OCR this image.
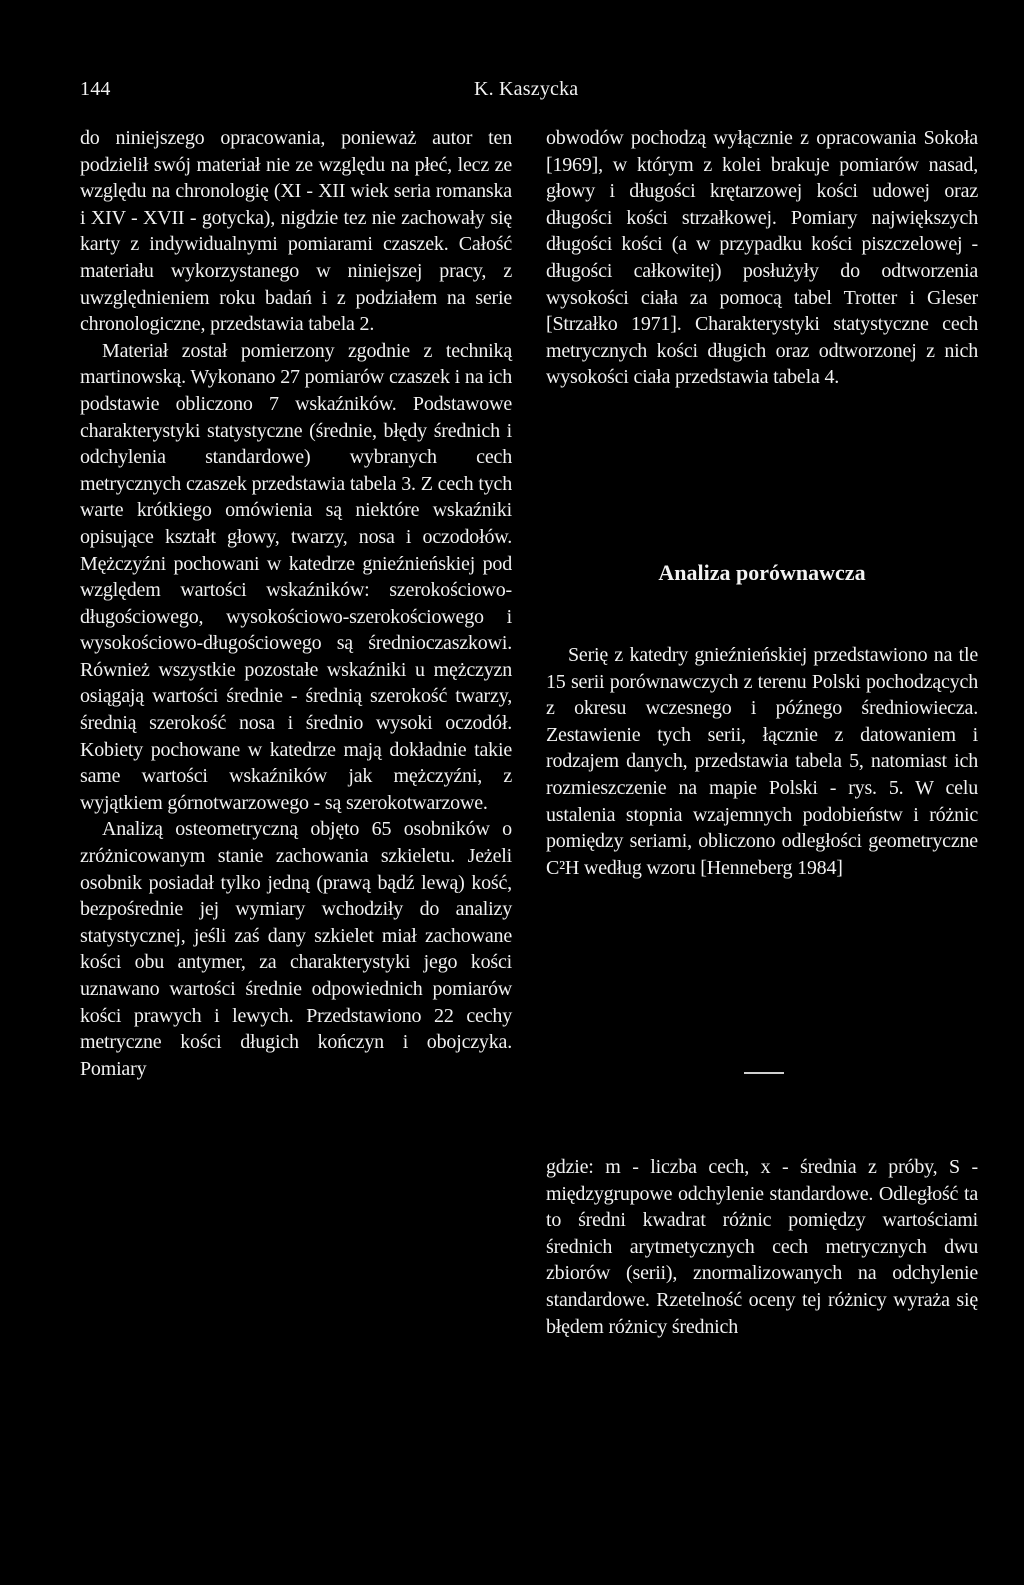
144	K. Kaszycka

do niniejszego opracowania, ponieważ autor ten podzielił swój materiał nie ze względu na płeć, lecz ze względu na chronologię (XI - XII wiek seria romanska i XIV - XVII - gotycka), nigdzie tez nie zachowały się karty z indywidualnymi pomiarami czaszek. Całość materiału wykorzystanego w niniejszej pracy, z uwzględnieniem roku badań i z podziałem na serie chronologiczne, przedstawia tabela 2.

Materiał został pomierzony zgodnie z techniką martinowską. Wykonano 27 pomiarów czaszek i na ich podstawie obliczono 7 wskaźników. Podstawowe charakterystyki statystyczne (średnie, błędy średnich i odchylenia standardowe) wybranych cech metrycznych czaszek przedstawia tabela 3. Z cech tych warte krótkiego omówienia są niektóre wskaźniki opisujące kształt głowy, twarzy, nosa i oczodołów. Mężczyźni pochowani w katedrze gnieźnieńskiej pod względem wartości wskaźników: szerokościowo-długościowego, wysokościowo-szerokościowego i wysokościowo-długościowego są średnioczaszkowi. Również wszystkie pozostałe wskaźniki u mężczyzn osiągają wartości średnie - średnią szerokość twarzy, średnią szerokość nosa i średnio wysoki oczodół. Kobiety pochowane w katedrze mają dokładnie takie same wartości wskaźników jak mężczyźni, z wyjątkiem górnotwarzowego - są szerokotwarzowe.

Analizą osteometryczną objęto 65 osobników o zróżnicowanym stanie zachowania szkieletu. Jeżeli osobnik posiadał tylko jedną (prawą bądź lewą) kość, bezpośrednie jej wymiary wchodziły do analizy statystycznej, jeśli zaś dany szkielet miał zachowane kości obu antymer, za charakterystyki jego kości uznawano wartości średnie odpowiednich pomiarów kości prawych i lewych. Przedstawiono 22 cechy metryczne kości długich kończyn i obojczyka. Pomiary

obwodów pochodzą wyłącznie z opracowania Sokoła [1969], w którym z kolei brakuje pomiarów nasad, głowy i długości krętarzowej kości udowej oraz długości kości strzałkowej. Pomiary największych długości kości (a w przypadku kości piszczelowej - długości całkowitej) posłużyły do odtworzenia wysokości ciała za pomocą tabel Trotter i Gleser [Strzałko 1971]. Charakterystyki statystyczne cech metrycznych kości długich oraz odtworzonej z nich wysokości ciała przedstawia tabela 4.

Analiza porównawcza

Serię z katedry gnieźnieńskiej przedstawiono na tle 15 serii porównawczych z terenu Polski pochodzących z okresu wczesnego i późnego średniowiecza. Zestawienie tych serii, łącznie z datowaniem i rodzajem danych, przedstawia tabela 5, natomiast ich rozmieszczenie na mapie Polski - rys. 5. W celu ustalenia stopnia wzajemnych podobieństw i różnic pomiędzy seriami, obliczono odległości geometryczne C²H według wzoru [Henneberg 1984]

gdzie: m - liczba cech, x - średnia z próby, S - międzygrupowe odchylenie standardowe. Odległość ta to średni kwadrat różnic pomiędzy wartościami średnich arytmetycznych cech metrycznych dwu zbiorów (serii), znormalizowanych na odchylenie standardowe. Rzetelność oceny tej różnicy wyraża się błędem różnicy średnich
